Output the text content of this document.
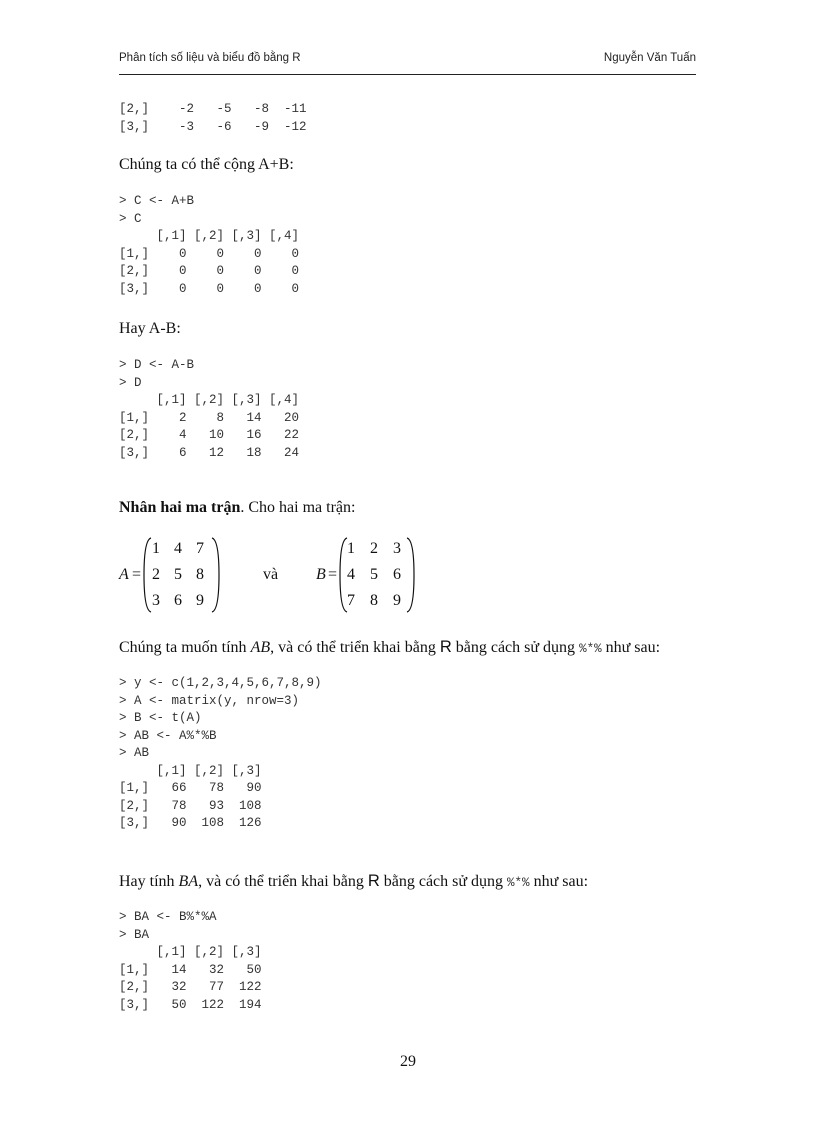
Phân tích số liệu và biểu đồ bằng R	Nguyễn Văn Tuấn
[2,]    -2   -5   -8  -11
[3,]    -3   -6   -9  -12

Chúng ta có thể cộng A+B:

> C <- A+B
> C
[,1] [,2] [,3] [,4]
[1,]    0    0    0    0
[2,]    0    0    0    0
[3,]    0    0    0    0

Hay A-B:

> D <- A-B
> D
[,1] [,2] [,3] [,4]
[1,]    2    8   14   20
[2,]    4   10   16   22
[3,]    6   12   18   24

Nhân hai ma trận. Cho hai ma trận:

A =
1 4 7
2 5 8
3 6 9
và B =
1 2 3
4 5 6
7 8 9

Chúng ta muốn tính AB, và có thể triển khai bằng R bằng cách sử dụng %*% như sau:

> y <- c(1,2,3,4,5,6,7,8,9)
> A <- matrix(y, nrow=3)
> B <- t(A)
> AB <- A%*%B
> AB
[,1] [,2] [,3]
[1,]   66   78   90
[2,]   78   93  108
[3,]   90  108  126

Hay tính BA, và có thể triển khai bằng R bằng cách sử dụng %*% như sau:

> BA <- B%*%A
> BA
[,1] [,2] [,3]
[1,]   14   32   50
[2,]   32   77  122
[3,]   50  122  194
29
